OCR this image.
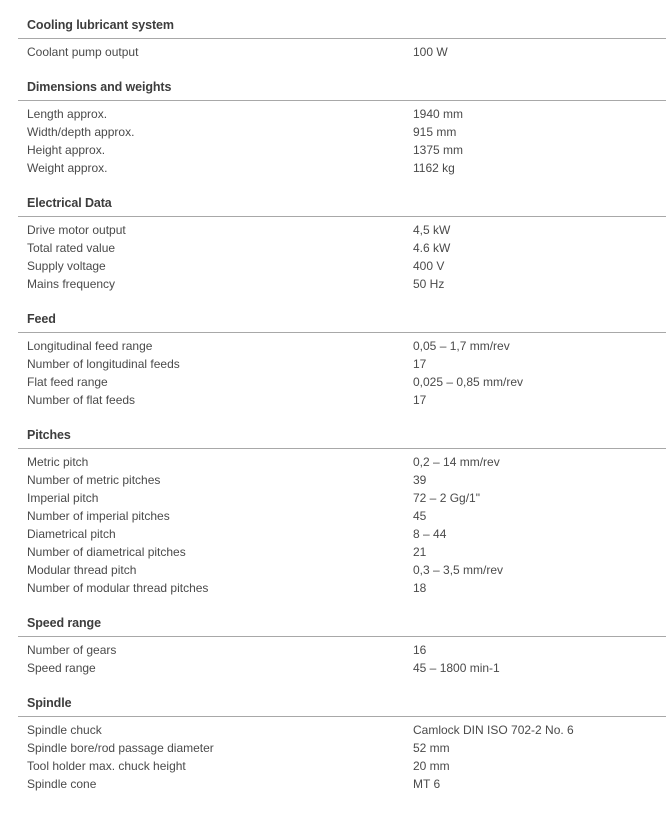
Cooling lubricant system
Coolant pump output	100 W
Dimensions and weights
Length approx.	1940 mm
Width/depth approx.	915 mm
Height approx.	1375 mm
Weight approx.	1162 kg
Electrical Data
Drive motor output	4,5 kW
Total rated value	4.6 kW
Supply voltage	400 V
Mains frequency	50 Hz
Feed
Longitudinal feed range	0,05 – 1,7 mm/rev
Number of longitudinal feeds	17
Flat feed range	0,025 – 0,85 mm/rev
Number of flat feeds	17
Pitches
Metric pitch	0,2 – 14 mm/rev
Number of metric pitches	39
Imperial pitch	72 – 2 Gg/1"
Number of imperial pitches	45
Diametrical pitch	8 – 44
Number of diametrical pitches	21
Modular thread pitch	0,3 – 3,5 mm/rev
Number of modular thread pitches	18
Speed range
Number of gears	16
Speed range	45 – 1800 min-1
Spindle
Spindle chuck	Camlock DIN ISO 702-2 No. 6
Spindle bore/rod passage diameter	52 mm
Tool holder max. chuck height	20 mm
Spindle cone	MT 6
